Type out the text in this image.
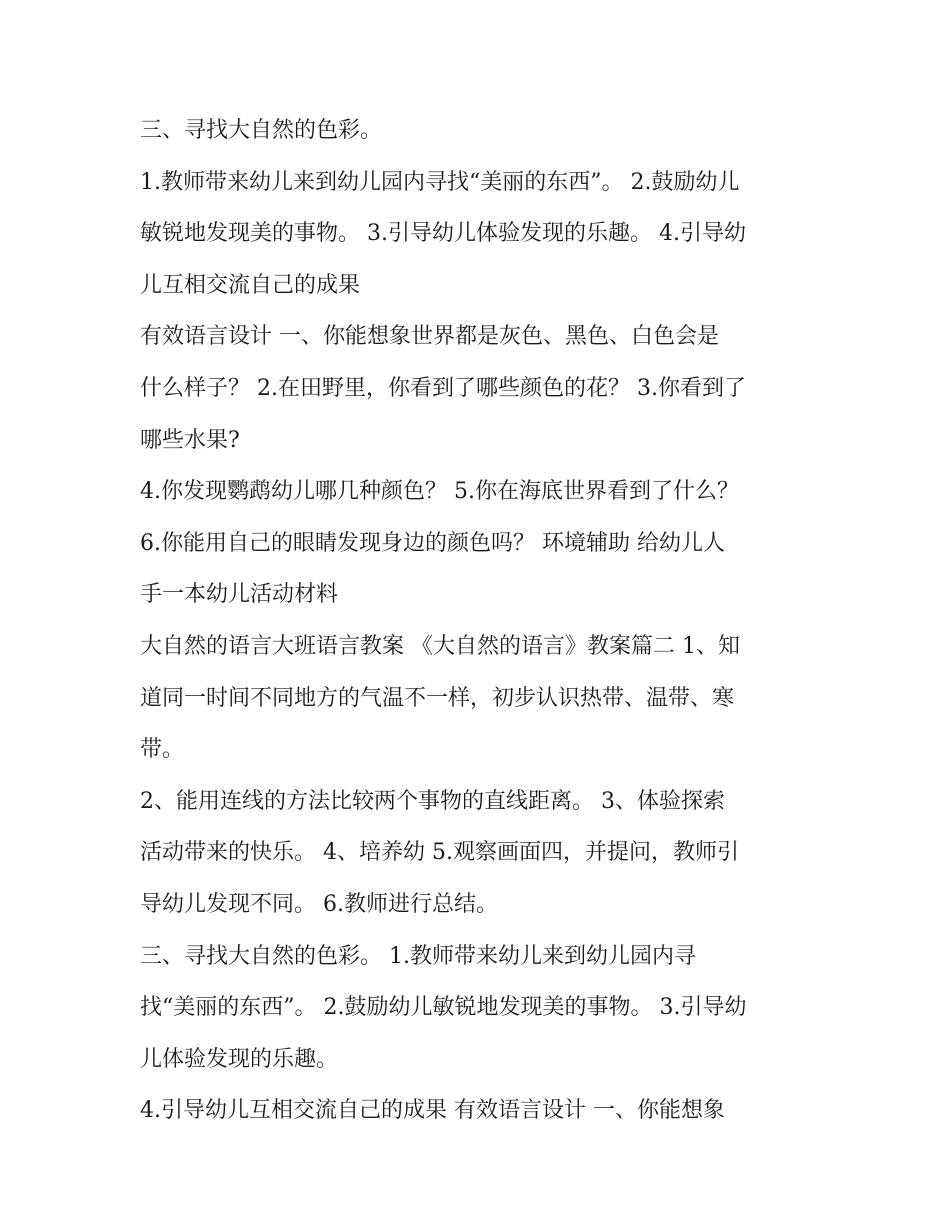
三、寻找大自然的色彩。
1.教师带来幼儿来到幼儿园内寻找“美丽的东西”。 2.鼓励幼儿
敏锐地发现美的事物。 3.引导幼儿体验发现的乐趣。 4.引导幼
儿互相交流自己的成果
有效语言设计 一、你能想象世界都是灰色、黑色、白色会是
什么样子？ 2.在田野里，你看到了哪些颜色的花？ 3.你看到了
哪些水果?
4.你发现鹦鹉幼儿哪几种颜色？ 5.你在海底世界看到了什么？
6.你能用自己的眼睛发现身边的颜色吗？ 环境辅助 给幼儿人
手一本幼儿活动材料
大自然的语言大班语言教案 《大自然的语言》教案篇二 1、知
道同一时间不同地方的气温不一样，初步认识热带、温带、寒
带。
2、能用连线的方法比较两个事物的直线距离。 3、体验探索
活动带来的快乐。 4、培养幼 5.观察画面四，并提问，教师引
导幼儿发现不同。 6.教师进行总结。
三、寻找大自然的色彩。 1.教师带来幼儿来到幼儿园内寻
找“美丽的东西”。 2.鼓励幼儿敏锐地发现美的事物。 3.引导幼
儿体验发现的乐趣。
4.引导幼儿互相交流自己的成果 有效语言设计 一、你能想象
